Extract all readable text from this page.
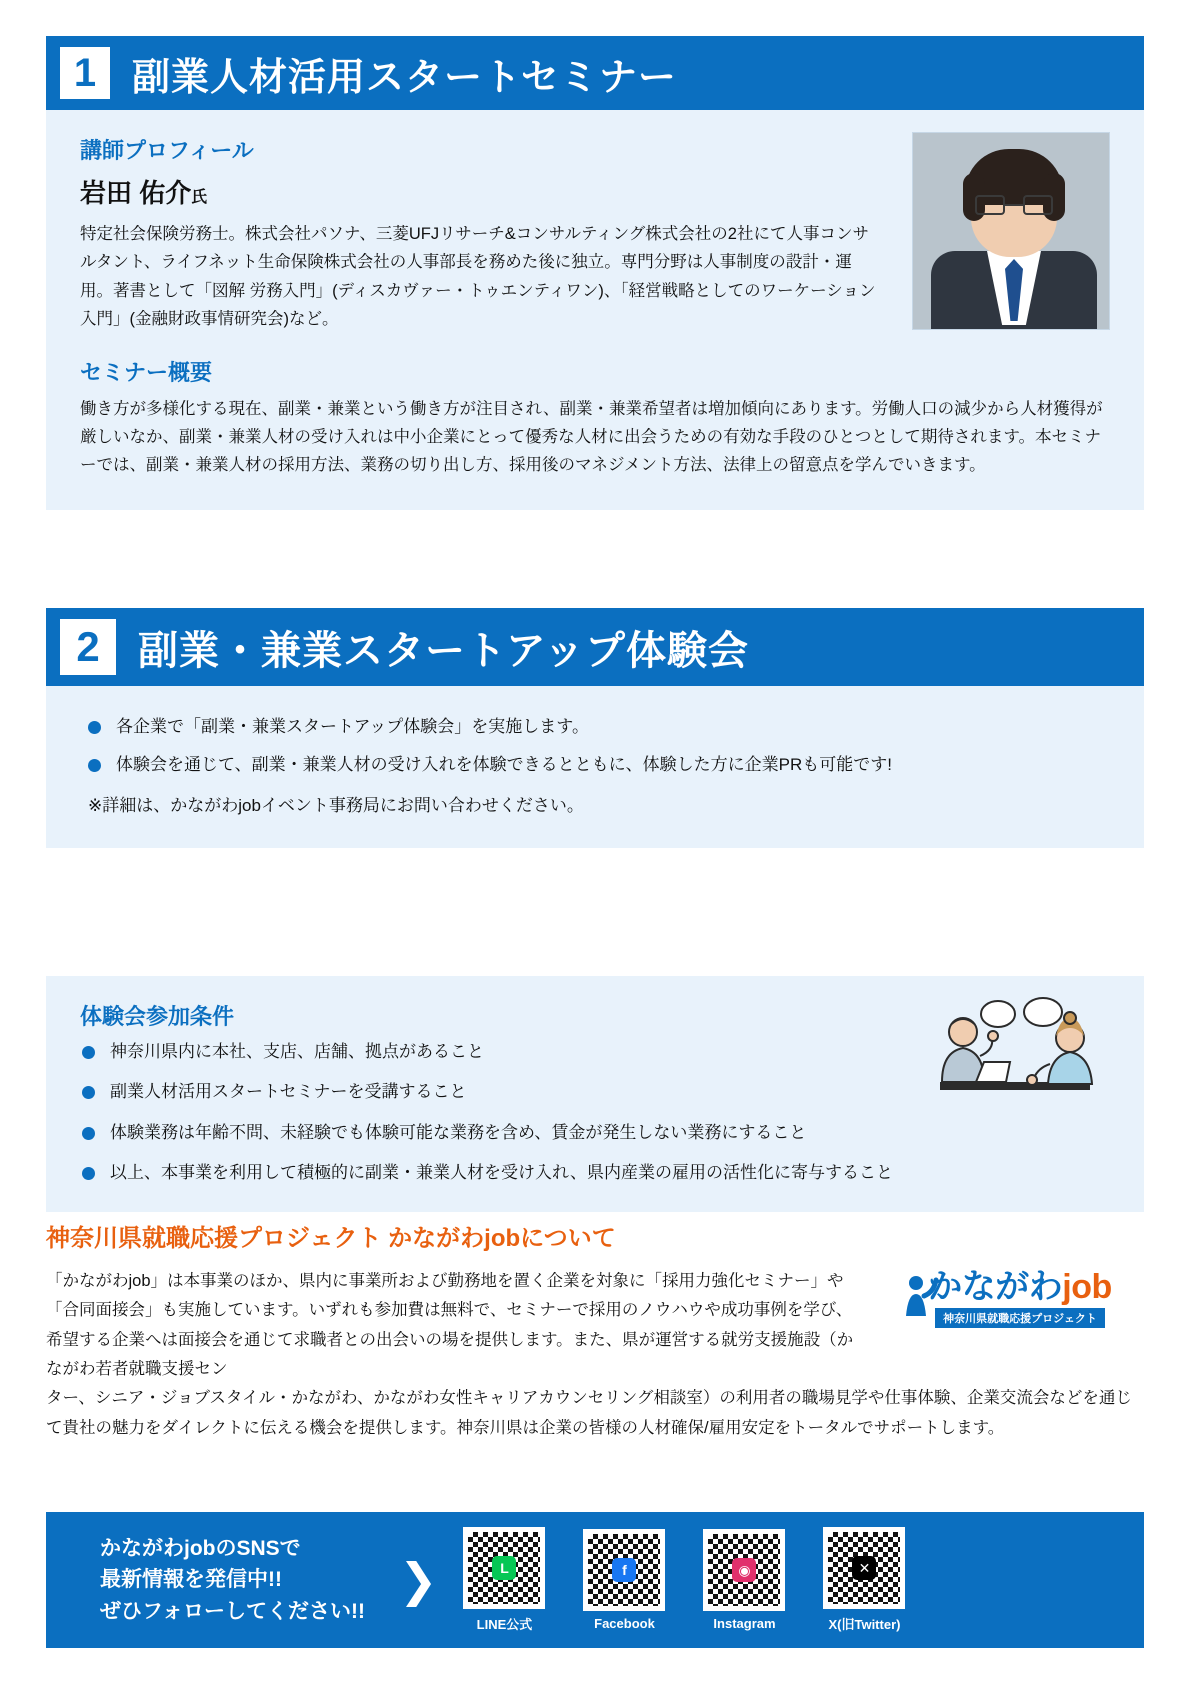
1 副業人材活用スタートセミナー

講師プロフィール

岩田 佑介氏

特定社会保険労務士。株式会社パソナ、三菱UFJリサーチ&コンサルティング株式会社の2社にて人事コンサルタント、ライフネット生命保険株式会社の人事部長を務めた後に独立。専門分野は人事制度の設計・運用。著書として「図解 労務入門」(ディスカヴァー・トゥエンティワン)、「経営戦略としてのワーケーション入門」(金融財政事情研究会)など。

セミナー概要

働き方が多様化する現在、副業・兼業という働き方が注目され、副業・兼業希望者は増加傾向にあります。労働人口の減少から人材獲得が厳しいなか、副業・兼業人材の受け入れは中小企業にとって優秀な人材に出会うための有効な手段のひとつとして期待されます。本セミナーでは、副業・兼業人材の採用方法、業務の切り出し方、採用後のマネジメント方法、法律上の留意点を学んでいきます。

2 副業・兼業スタートアップ体験会
各企業で「副業・兼業スタートアップ体験会」を実施します。
体験会を通じて、副業・兼業人材の受け入れを体験できるとともに、体験した方に企業PRも可能です!

※詳細は、かながわjobイベント事務局にお問い合わせください。

体験会参加条件

神奈川県内に本社、支店、店舗、拠点があること
副業人材活用スタートセミナーを受講すること
体験業務は年齢不問、未経験でも体験可能な業務を含め、賃金が発生しない業務にすること
以上、本事業を利用して積極的に副業・兼業人材を受け入れ、県内産業の雇用の活性化に寄与すること

神奈川県就職応援プロジェクト かながわjobについて

「かながわjob」は本事業のほか、県内に事業所および勤務地を置く企業を対象に「採用力強化セミナー」や「合同面接会」も実施しています。いずれも参加費は無料で、セミナーで採用のノウハウや成功事例を学び、希望する企業へは面接会を通じて求職者との出会いの場を提供します。また、県が運営する就労支援施設（かながわ若者就職支援セン

ター、シニア・ジョブスタイル・かながわ、かながわ女性キャリアカウンセリング相談室）の利用者の職場見学や仕事体験、企業交流会などを通じて貴社の魅力をダイレクトに伝える機会を提供します。神奈川県は企業の皆様の人材確保/雇用安定をトータルでサポートします。

かながわjob
神奈川県就職応援プロジェクト
かながわjobのSNSで
最新情報を発信中!!
ぜひフォローしてください!!
❯	L
LINE公式
f
Facebook
◉
Instagram
✕
X(旧Twitter)
